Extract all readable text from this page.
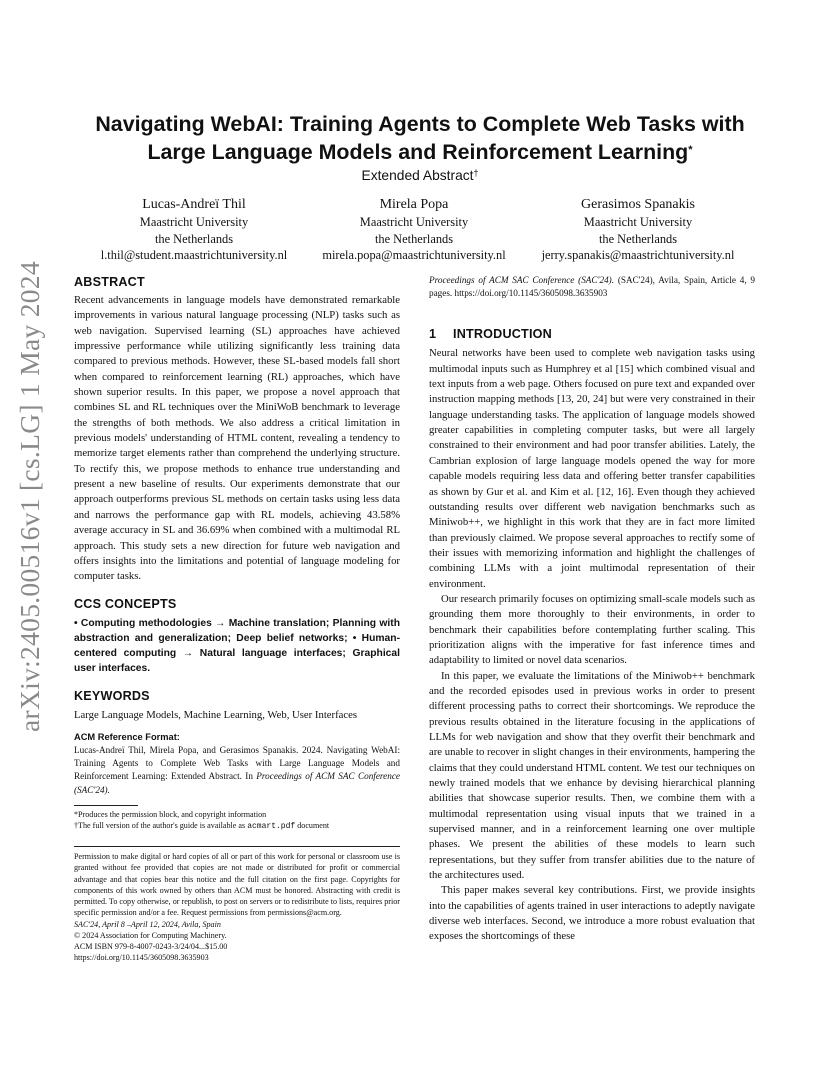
arXiv:2405.00516v1 [cs.LG] 1 May 2024
Navigating WebAI: Training Agents to Complete Web Tasks with
Large Language Models and Reinforcement Learning*
Extended Abstract†
Lucas-Andreï Thil
Maastricht University
the Netherlands
l.thil@student.maastrichtuniversity.nl
Mirela Popa
Maastricht University
the Netherlands
mirela.popa@maastrichtuniversity.nl
Gerasimos Spanakis
Maastricht University
the Netherlands
jerry.spanakis@maastrichtuniversity.nl
ABSTRACT

Recent advancements in language models have demonstrated remarkable improvements in various natural language processing (NLP) tasks such as web navigation. Supervised learning (SL) approaches have achieved impressive performance while utilizing significantly less training data compared to previous methods. However, these SL-based models fall short when compared to reinforcement learning (RL) approaches, which have shown superior results. In this paper, we propose a novel approach that combines SL and RL techniques over the MiniWoB benchmark to leverage the strengths of both methods. We also address a critical limitation in previous models' understanding of HTML content, revealing a tendency to memorize target elements rather than comprehend the underlying structure. To rectify this, we propose methods to enhance true understanding and present a new baseline of results. Our experiments demonstrate that our approach outperforms previous SL methods on certain tasks using less data and narrows the performance gap with RL models, achieving 43.58% average accuracy in SL and 36.69% when combined with a multimodal RL approach. This study sets a new direction for future web navigation and offers insights into the limitations and potential of language modeling for computer tasks.

CCS CONCEPTS

• Computing methodologies → Machine translation; Planning with abstraction and generalization; Deep belief networks; • Human-centered computing → Natural language interfaces; Graphical user interfaces.

KEYWORDS

Large Language Models, Machine Learning, Web, User Interfaces

ACM Reference Format:

Lucas-Andreï Thil, Mirela Popa, and Gerasimos Spanakis. 2024. Navigating WebAI: Training Agents to Complete Web Tasks with Large Language Models and Reinforcement Learning: Extended Abstract. In Proceedings of ACM SAC Conference (SAC'24).

*Produces the permission block, and copyright information
†The full version of the author's guide is available as acmart.pdf document
Permission to make digital or hard copies of all or part of this work for personal or classroom use is granted without fee provided that copies are not made or distributed for profit or commercial advantage and that copies bear this notice and the full citation on the first page. Copyrights for components of this work owned by others than ACM must be honored. Abstracting with credit is permitted. To copy otherwise, or republish, to post on servers or to redistribute to lists, requires prior specific permission and/or a fee. Request permissions from permissions@acm.org.
SAC'24, April 8 –April 12, 2024, Avila, Spain
© 2024 Association for Computing Machinery.
ACM ISBN 979-8-4007-0243-3/24/04...$15.00
https://doi.org/10.1145/3605098.3635903

Proceedings of ACM SAC Conference (SAC'24). (SAC'24), Avila, Spain, Article 4, 9 pages. https://doi.org/10.1145/3605098.3635903

1 INTRODUCTION

Neural networks have been used to complete web navigation tasks using multimodal inputs such as Humphrey et al [15] which combined visual and text inputs from a web page. Others focused on pure text and expanded over instruction mapping methods [13, 20, 24] but were very constrained in their language understanding tasks. The application of language models showed greater capabilities in completing computer tasks, but were all largely constrained to their environment and had poor transfer abilities. Lately, the Cambrian explosion of large language models opened the way for more capable models requiring less data and offering better transfer capabilities as shown by Gur et al. and Kim et al. [12, 16]. Even though they achieved outstanding results over different web navigation benchmarks such as Miniwob++, we highlight in this work that they are in fact more limited than previously claimed. We propose several approaches to rectify some of their issues with memorizing information and highlight the challenges of combining LLMs with a joint multimodal representation of their environment.

Our research primarily focuses on optimizing small-scale models such as grounding them more thoroughly to their environments, in order to benchmark their capabilities before contemplating further scaling. This prioritization aligns with the imperative for fast inference times and adaptability to limited or novel data scenarios.

In this paper, we evaluate the limitations of the Miniwob++ benchmark and the recorded episodes used in previous works in order to present different processing paths to correct their shortcomings. We reproduce the previous results obtained in the literature focusing in the applications of LLMs for web navigation and show that they overfit their benchmark and are unable to recover in slight changes in their environments, hampering the claims that they could understand HTML content. We test our techniques on newly trained models that we enhance by devising hierarchical planning abilities that showcase superior results. Then, we combine them with a multimodal representation using visual inputs that we trained in a supervised manner, and in a reinforcement learning one over multiple phases. We present the abilities of these models to learn such representations, but they suffer from transfer abilities due to the nature of the architectures used.

This paper makes several key contributions. First, we provide insights into the capabilities of agents trained in user interactions to adeptly navigate diverse web interfaces. Second, we introduce a more robust evaluation that exposes the shortcomings of these
